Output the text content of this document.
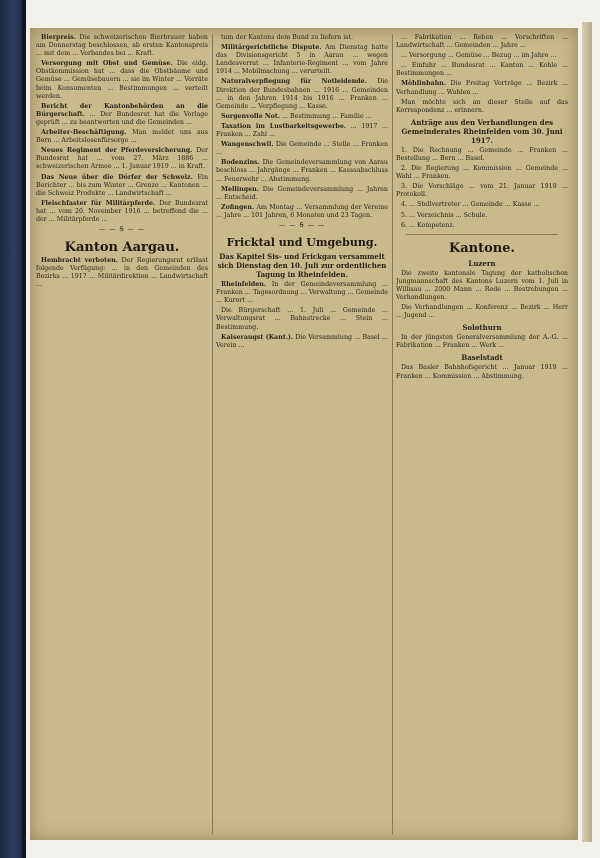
Bierpreis. Die schweizerischen Bierbrauer haben am Donnerstag beschlossen, ab ersten Kantonspreis ... mit dem ... Verbandes bei ... Kraft.

Versorgung mit Obst und Gemüse. Die eidg. Obstkommission hat ... dass die Obstbäume und Gemüse ... Gemüsebauern ... sie im Winter ... Vorräte beim Konsumenten ... Bestimmungen ... verteilt werden.

Bericht der Kantonbehörden an die Bürgerschaft. ... Der Bundesrat hat die Vorlage geprüft ... zu beantworten und die Gemeinden ...

Arbeiter-Beschäftigung. Man meldet uns aus Bern ... Arbeitslosenfürsorge ...

Neues Regiment der Pferdeversicherung. Der Bundesrat hat ... vom 27. März 1886 ... schweizerischen Armee ... 1. Januar 1919 ... in Kraft.

Das Neue über die Dörfer der Schweiz. Ein Berichter ... bis zum Winter ... Grenze ... Kantonen ... die Schweiz Produkte ... Landwirtschaft ...

Fleischfaster für Militärpferde. Der Bundesrat hat ... vom 20. November 1916 ... betreffend die ... der ... Militärpferde ...

— — Ꞩ — —
Kanton Aargau.

Hembracht verboten. Der Regierungsrat erlässt folgende Verfügung: ... in den Gemeinden des Bezirks ... 1917 ... Militärdirektion ... Landwirtschaft ...

tum der Kantons dem Bund zu liefern ist.

Militärgerichtliche Dispute. Am Dienstag hatte das Divisionsgericht 5 in Aarau ... wegen Landesverrat ... Infanterie-Regiment ... vom Jahre 1914 ... Mobilmachung ... verurteilt.

Naturalverpflegung für Notleidende. Die Direktion der Bundesbahnen ... 1916 ... Gemeinden ... in den Jahren 1914 bis 1916 ... Franken ... Gemeinde ... Verpflegung ... Kasse.

Sorgenvolle Not. ... Bestimmung ... Familie ...

Taxation im Lustbarkeitsgewerbe. ... 1917 ... Franken ... Zahl ...

Wangenschwil. Die Gemeinde ... Stelle ... Franken ...

Bodenzins. Die Gemeindeversammlung von Aarau beschloss ... Jahrgänge ... Franken ... Kassaabschluss ... Feuerwehr ... Abstimmung.

Mellingen. Die Gemeindeversammlung ... Jahren ... Entscheid.

Zofingen. Am Montag ... Versammlung der Vereine ... Jahre ... 101 Jahren, 6 Monaten und 23 Tagen.

— — Ꞩ — —
Fricktal und Umgebung.
Das Kapitel Sis- und Frickgau versammelt sich Dienstag den 10. Juli zur ordentlichen Tagung in Rheinfelden.

Rheinfelden. In der Gemeindeversammlung ... Franken ... Tagesordnung ... Verwaltung ... Gemeinde ... Kurort ...

Die Bürgerschaft ... 1. Juli ... Gemeinde ... Verwaltungsrat ... Bahnstrecke ... Stein ... Bestimmung.

Kaiseraugst (Kant.). Die Versammlung ... Basel ... Verein ...

... Fabrikation ... Reben ... Vorschriften ... Landwirtschaft ... Gemeinden ... Jahre ...

... Versorgung ... Gemüse ... Bezug ... im Jahre ...

... Einfuhr ... Bundesrat ... Kanton ... Kohle ... Bestimmungen ...

Möhlinbahn. Die Freitag Vorträge ... Bezirk ... Verhandlung ... Wahlen ...

Man möchte sich an dieser Stelle auf das Korrespondenz ... erinnern.

Anträge aus den Verhandlungen des Gemeinderates Rheinfelden vom 30. Juni 1917.

1. Die Rechnung ... Gemeinde ... Franken ... Bestellung ... Bern ... Basel.

2. Die Regierung ... Kommission ... Gemeinde ... Wahl ... Franken.

3. Die Vorschläge ... vom 21. Januar 1919 ... Protokoll.

4. ... Stellvertreter ... Gemeinde ... Kasse ...

5. ... Verzeichnis ... Schule.

6. ... Kompetenz.

Kantone.
Luzern

Die zweite kantonale Tagung der katholischen Jungmannschaft des Kantons Luzern vom 1. Juli in Willisau ... 2000 Mann ... Rede ... Bestrebungen ... Verhandlungen.

Die Verhandlungen ... Konferenz ... Bezirk ... Herr ... Jugend ...

Solothurn

In der jüngsten Generalversammlung der A.-G. ... Fabrikation ... Franken ... Werk ...

Baselstadt

Das Basler Bahnhofsgericht ... Januar 1919 ... Franken ... Kommission ... Abstimmung.
